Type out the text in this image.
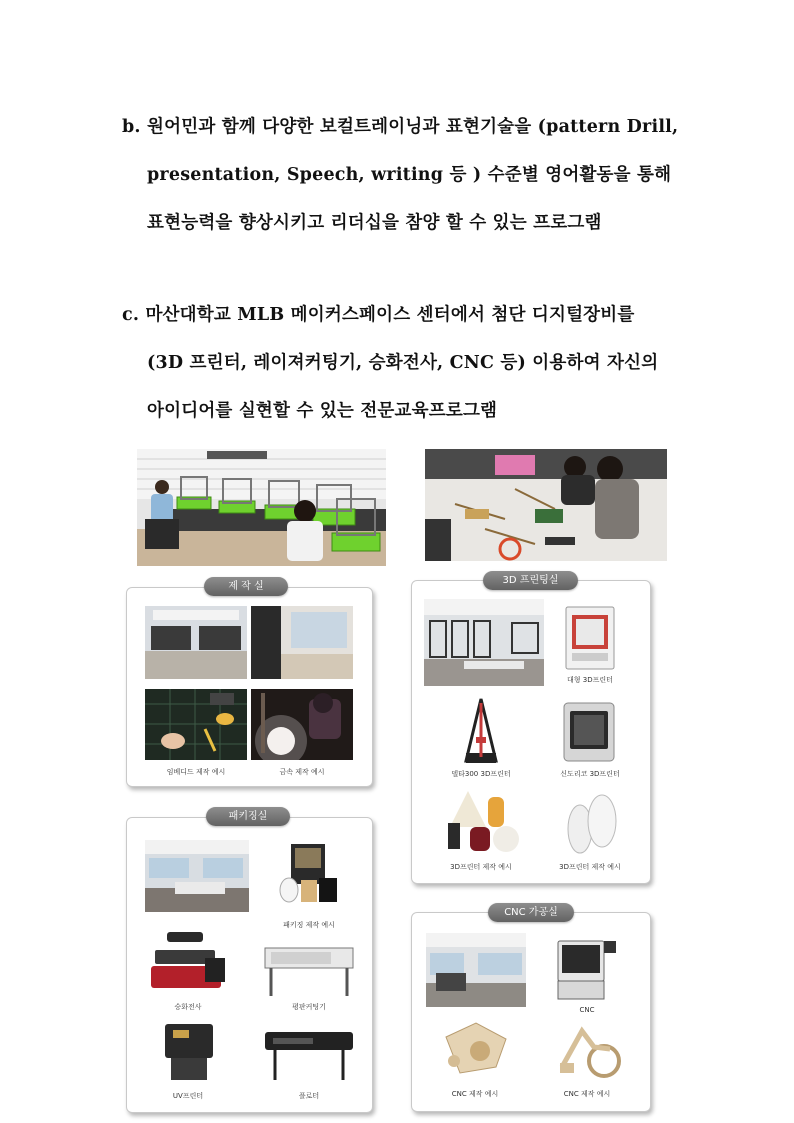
b. 원어민과 함께 다양한 보컬트레이닝과 표현기술을 (pattern Drill,
presentation, Speech, writing 등 ) 수준별 영어활동을 통해
표현능력을 향상시키고 리더십을 참양 할 수 있는 프로그램
c. 마산대학교 MLB 메이커스페이스 센터에서 첨단 디지털장비를
(3D 프린터, 레이져커팅기, 승화전사, CNC 등) 이용하여 자신의
아이디어를 실현할 수 있는 전문교육프로그램
임베디드 제작 예시	금속 제작 예시
제 작 실
대형 3D프린터
델타300 3D프린터	신도리코 3D프린터
3D프린터 제작 예시	3D프린터 제작 예시
3D 프린팅실
패키징 제작 예시
승화전사	평판커팅기
UV프린터	플로터
패키징실
CNC
CNC 제작 예시	CNC 제작 예시
CNC 가공실
